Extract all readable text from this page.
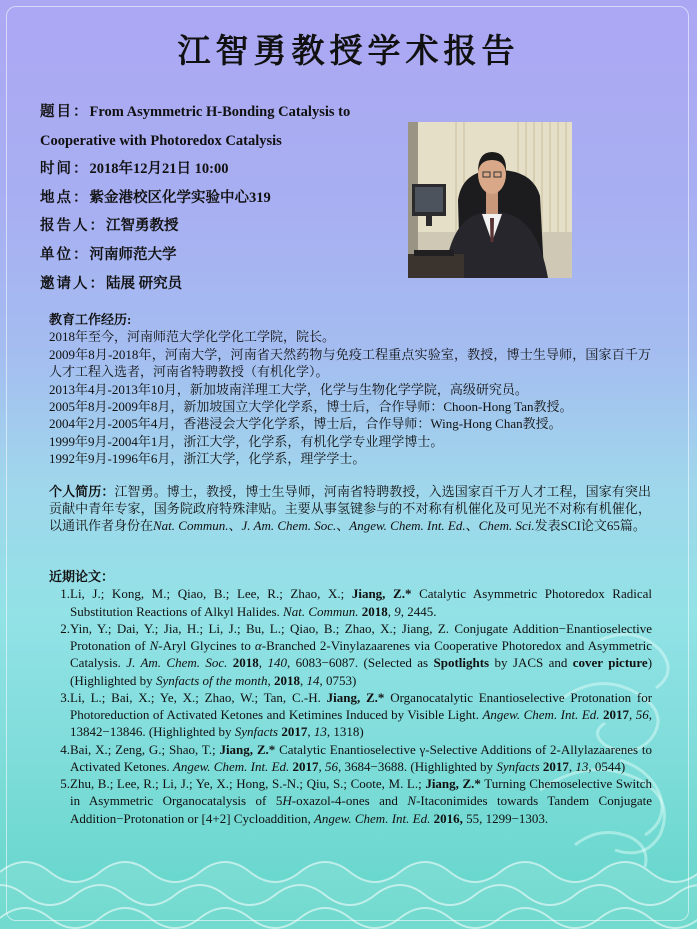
江智勇教授学术报告
题目：From Asymmetric H-Bonding Catalysis to
Cooperative with Photoredox Catalysis
时间：2018年12月21日 10:00
地点：紫金港校区化学实验中心319
报告人：江智勇教授
单位：河南师范大学
邀请人：陆展 研究员
教育工作经历:
2018年至今，河南师范大学化学化工学院，院长。
2009年8月-2018年，河南大学，河南省天然药物与免疫工程重点实验室，教授，博士生导师，国家百千万人才工程入选者，河南省特聘教授（有机化学）。
2013年4月-2013年10月，新加坡南洋理工大学，化学与生物化学学院，高级研究员。
2005年8月-2009年8月，新加坡国立大学化学系，博士后，合作导师：Choon-Hong Tan教授。
2004年2月-2005年4月，香港浸会大学化学系，博士后，合作导师：Wing-Hong Chan教授。
1999年9月-2004年1月，浙江大学，化学系，有机化学专业理学博士。
1992年9月-1996年6月，浙江大学，化学系，理学学士。
个人简历：江智勇。博士，教授，博士生导师，河南省特聘教授，入选国家百千万人才工程，国家有突出贡献中青年专家，国务院政府特殊津贴。主要从事氢键参与的不对称有机催化及可见光不对称有机催化，以通讯作者身份在Nat. Commun.、J. Am. Chem. Soc.、Angew. Chem. Int. Ed.、Chem. Sci.发表SCI论文65篇。
近期论文：
1. Li, J.; Kong, M.; Qiao, B.; Lee, R.; Zhao, X.; Jiang, Z.* Catalytic Asymmetric Photoredox Radical Substitution Reactions of Alkyl Halides. Nat. Commun. 2018, 9, 2445.
2. Yin, Y.; Dai, Y.; Jia, H.; Li, J.; Bu, L.; Qiao, B.; Zhao, X.; Jiang, Z. Conjugate Addition−Enantioselective Protonation of N-Aryl Glycines to α-Branched 2-Vinylazaarenes via Cooperative Photoredox and Asymmetric Catalysis. J. Am. Chem. Soc. 2018, 140, 6083−6087. (Selected as Spotlights by JACS and cover picture) (Highlighted by Synfacts of the month, 2018, 14, 0753)
3. Li, L.; Bai, X.; Ye, X.; Zhao, W.; Tan, C.-H. Jiang, Z.* Organocatalytic Enantioselective Protonation for Photoreduction of Activated Ketones and Ketimines Induced by Visible Light. Angew. Chem. Int. Ed. 2017, 56, 13842−13846. (Highlighted by Synfacts 2017, 13, 1318)
4. Bai, X.; Zeng, G.; Shao, T.; Jiang, Z.* Catalytic Enantioselective γ-Selective Additions of 2-Allylazaarenes to Activated Ketones. Angew. Chem. Int. Ed. 2017, 56, 3684−3688. (Highlighted by Synfacts 2017, 13, 0544)
5. Zhu, B.; Lee, R.; Li, J.; Ye, X.; Hong, S.-N.; Qiu, S.; Coote, M. L.; Jiang, Z.* Turning Chemoselective Switch in Asymmetric Organocatalysis of 5H-oxazol-4-ones and N-Itaconimides towards Tandem Conjugate Addition−Protonation or [4+2] Cycloaddition, Angew. Chem. Int. Ed. 2016, 55, 1299−1303.
